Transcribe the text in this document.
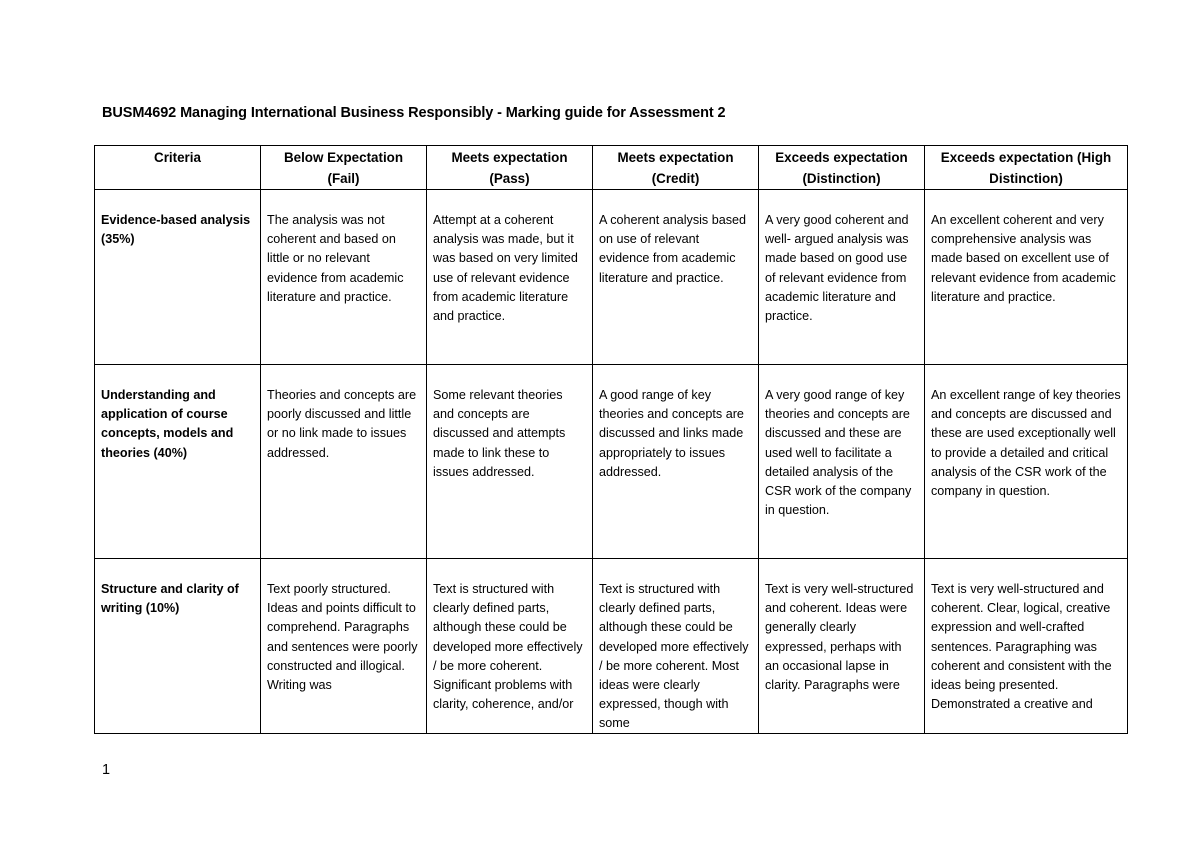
BUSM4692 Managing International Business Responsibly - Marking guide for Assessment 2
Criteria	Below Expectation (Fail)	Meets expectation (Pass)	Meets expectation (Credit)	Exceeds expectation (Distinction)	Exceeds expectation (High Distinction)
Evidence-based analysis (35%)	The analysis was not coherent and based on little or no relevant evidence from academic literature and practice.	Attempt at a coherent analysis was made, but it was based on very limited use of relevant evidence from academic literature and practice.	A coherent analysis based on use of relevant evidence from academic literature and practice.	A very good coherent and well- argued analysis was made based on good use of relevant evidence from academic literature and practice.	An excellent coherent and very comprehensive analysis was made based on excellent use of relevant evidence from academic literature and practice.
Understanding and application of course concepts, models and theories (40%)	Theories and concepts are poorly discussed and little or no link made to issues addressed.	Some relevant theories and concepts are discussed and attempts made to link these to issues addressed.	A good range of key theories and concepts are discussed and links made appropriately to issues addressed.	A very good range of key theories and concepts are discussed and these are used well to facilitate a detailed analysis of the CSR work of the company in question.	An excellent range of key theories and concepts are discussed and these are used exceptionally well to provide a detailed and critical analysis of the CSR work of the company in question.

Structure and clarity of writing (10%)	Text poorly structured. Ideas and points difficult to comprehend. Paragraphs and sentences were poorly constructed and illogical. Writing was	Text is structured with clearly defined parts, although these could be developed more effectively / be more coherent. Significant problems with clarity, coherence, and/or	Text is structured with clearly defined parts, although these could be developed more effectively / be more coherent. Most ideas were clearly expressed, though with some	Text is very well-structured and coherent. Ideas were generally clearly expressed, perhaps with an occasional lapse in clarity. Paragraphs were	Text is very well-structured and coherent. Clear, logical, creative expression and well-crafted sentences. Paragraphing was coherent and consistent with the ideas being presented. Demonstrated a creative and
1
